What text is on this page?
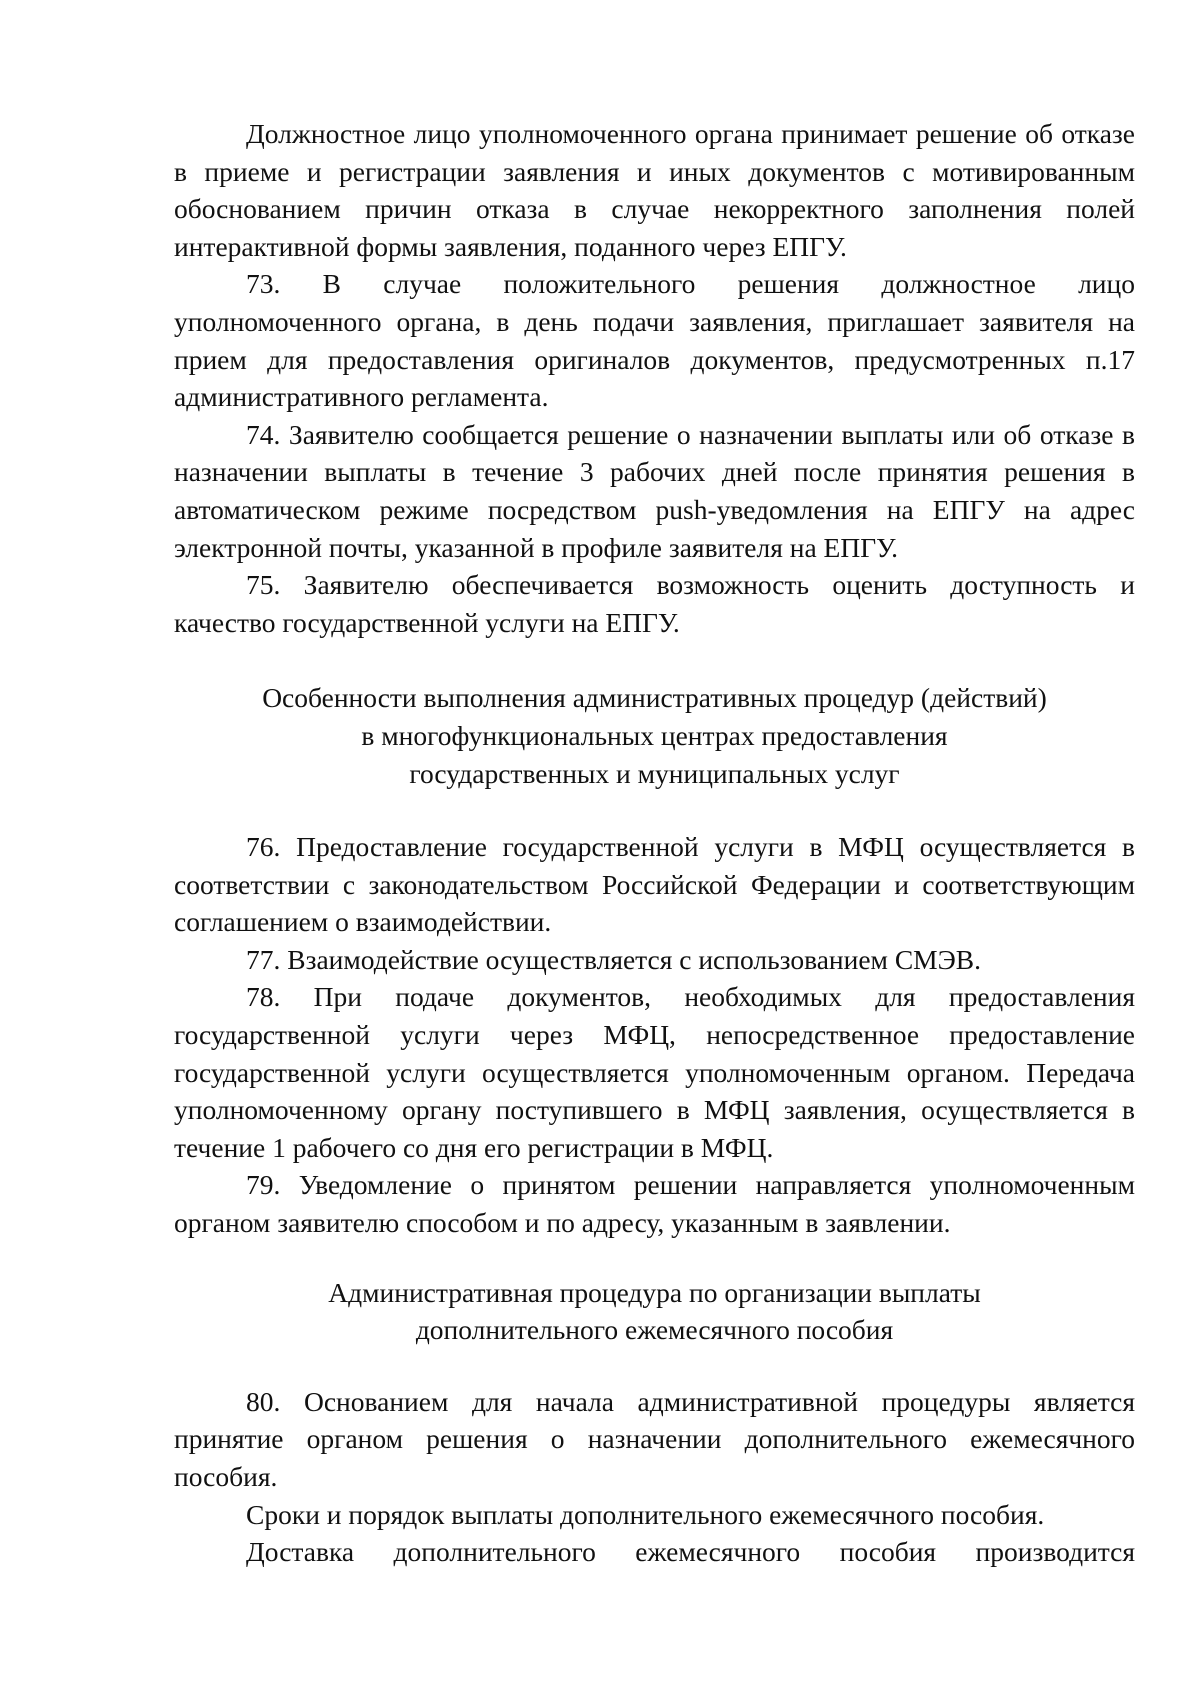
Должностное лицо уполномоченного органа принимает решение об отказе в приеме и регистрации заявления и иных документов с мотивированным обоснованием причин отказа в случае некорректного заполнения полей интерактивной формы заявления, поданного через ЕПГУ.

73. В случае положительного решения должностное лицо уполномоченного органа, в день подачи заявления, приглашает заявителя на прием для предоставления оригиналов документов, предусмотренных п.17 административного регламента.

74. Заявителю сообщается решение о назначении выплаты или об отказе в назначении выплаты в течение 3 рабочих дней после принятия решения в автоматическом режиме посредством push-уведомления на ЕПГУ на адрес электронной почты, указанной в профиле заявителя на ЕПГУ.

75. Заявителю обеспечивается возможность оценить доступность и качество государственной услуги на ЕПГУ.

Особенности выполнения административных процедур (действий)
в многофункциональных центрах предоставления
государственных и муниципальных услуг

76. Предоставление государственной услуги в МФЦ осуществляется в соответствии с законодательством Российской Федерации и соответствующим соглашением о взаимодействии.

77. Взаимодействие осуществляется с использованием СМЭВ.

78. При подаче документов, необходимых для предоставления государственной услуги через МФЦ, непосредственное предоставление государственной услуги осуществляется уполномоченным органом. Передача уполномоченному органу поступившего в МФЦ заявления, осуществляется в течение 1 рабочего со дня его регистрации в МФЦ.

79. Уведомление о принятом решении направляется уполномоченным органом заявителю способом и по адресу, указанным в заявлении.

Административная процедура по организации выплаты
дополнительного ежемесячного пособия

80. Основанием для начала административной процедуры является принятие органом решения о назначении дополнительного ежемесячного пособия.

Сроки и порядок выплаты дополнительного ежемесячного пособия.

Доставка дополнительного ежемесячного пособия производится
